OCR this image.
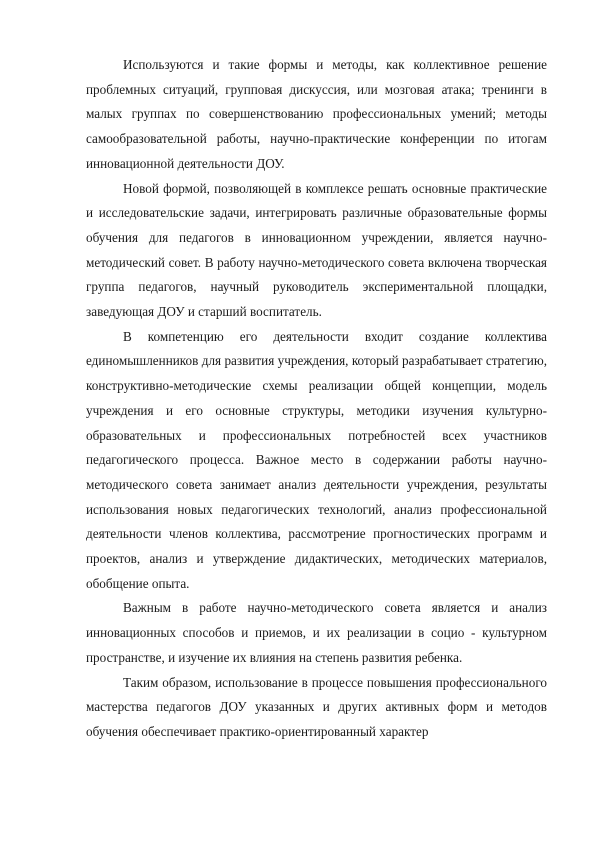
Используются и такие формы и методы, как коллективное решение проблемных ситуаций, групповая дискуссия, или мозговая атака; тренинги в малых группах по совершенствованию профессиональных умений; методы самообразовательной работы, научно-практические конференции по итогам инновационной деятельности ДОУ.

Новой формой, позволяющей в комплексе решать основные практические и исследовательские задачи, интегрировать различные образовательные формы обучения для педагогов в инновационном учреждении, является научно-методический совет. В работу научно-методического совета включена творческая группа педагогов, научный руководитель экспериментальной площадки, заведующая ДОУ и старший воспитатель.

В компетенцию его деятельности входит создание коллектива единомышленников для развития учреждения, который разрабатывает стратегию, конструктивно-методические схемы реализации общей концепции, модель учреждения и его основные структуры, методики изучения культурно-образовательных и профессиональных потребностей всех участников педагогического процесса. Важное место в содержании работы научно-методического совета занимает анализ деятельности учреждения, результаты использования новых педагогических технологий, анализ профессиональной деятельности членов коллектива, рассмотрение прогностических программ и проектов, анализ и утверждение дидактических, методических материалов, обобщение опыта.

Важным в работе научно-методического совета является и анализ инновационных способов и приемов, и их реализации в социо - культурном пространстве, и изучение их влияния на степень развития ребенка.

Таким образом, использование в процессе повышения профессионального мастерства педагогов ДОУ указанных и других активных форм и методов обучения обеспечивает практико-ориентированный характер
